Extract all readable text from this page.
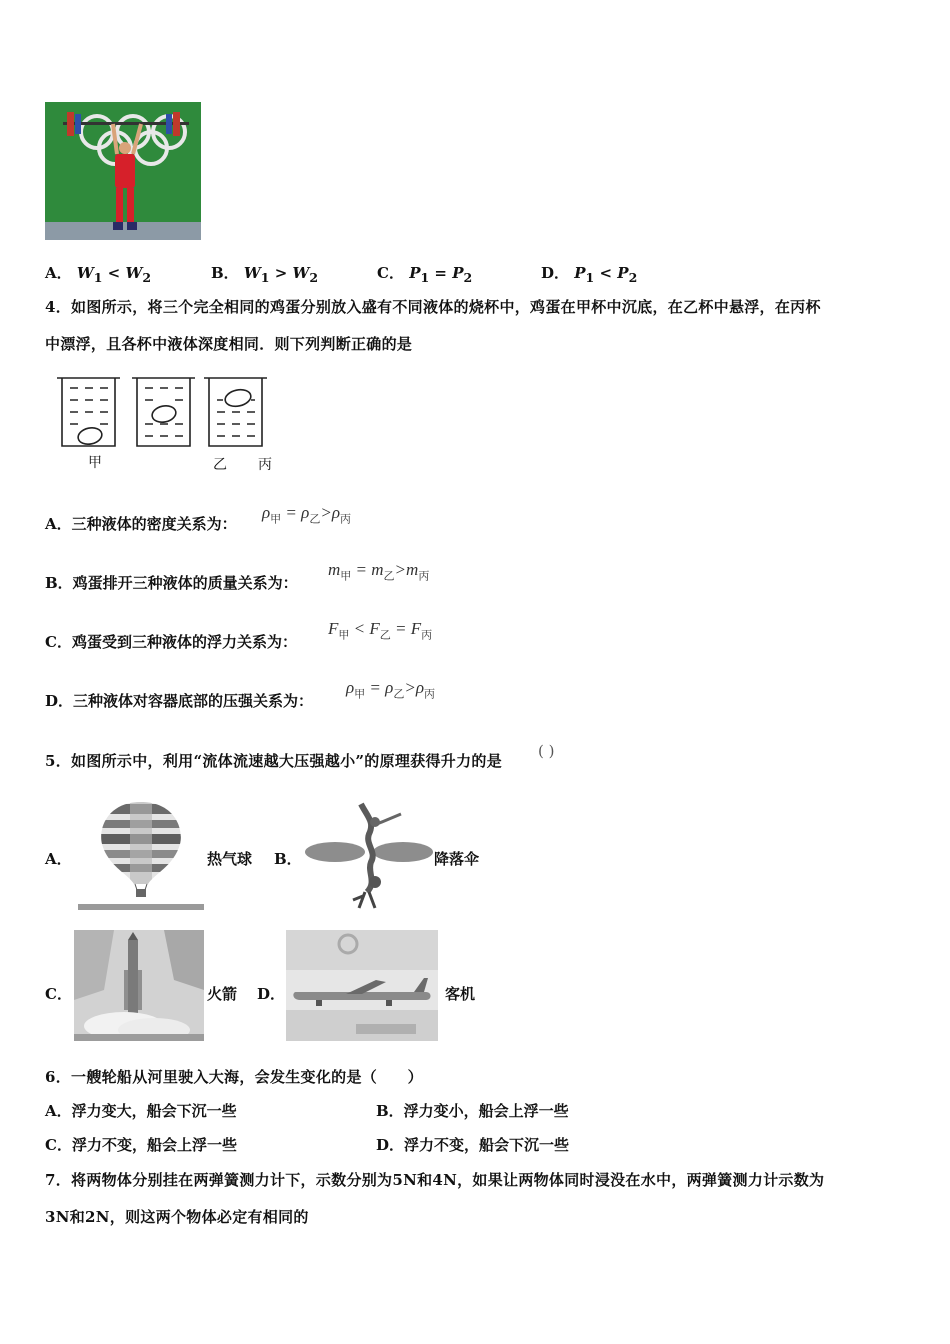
A． $W_1 < W_2$	B． $W_1 > W_2$	C． $P_1 = P_2$	D． $P_1 < P_2$
4．如图所示，将三个完全相同的鸡蛋分别放入盛有不同液体的烧杯中，鸡蛋在甲杯中沉底，在乙杯中悬浮，在丙杯
中漂浮，且各杯中液体深度相同．则下列判断正确的是
甲	乙 丙
A．三种液体的密度关系为：
$\rho_甲 = \rho_乙>\rho_丙$
B．鸡蛋排开三种液体的质量关系为：
$m_甲 = m_乙>m_丙$
C．鸡蛋受到三种液体的浮力关系为：
$F_甲 < F_乙 = F_丙$
D．三种液体对容器底部的压强关系为：
$\rho_甲 = \rho_乙>\rho_丙$
5．如图所示中，利用“流体流速越大压强越小”的原理获得升力的是
( )
A．	热气球 B．	降落伞
C．	火箭 D．	客机
6．一艘轮船从河里驶入大海，会发生变化的是（　　）
A．浮力变大，船会下沉一些	B．浮力变小，船会上浮一些
C．浮力不变，船会上浮一些	D．浮力不变，船会下沉一些
7．将两物体分别挂在两弹簧测力计下，示数分别为5N和4N，如果让两物体同时浸没在水中，两弹簧测力计示数为
3N和2N，则这两个物体必定有相同的
